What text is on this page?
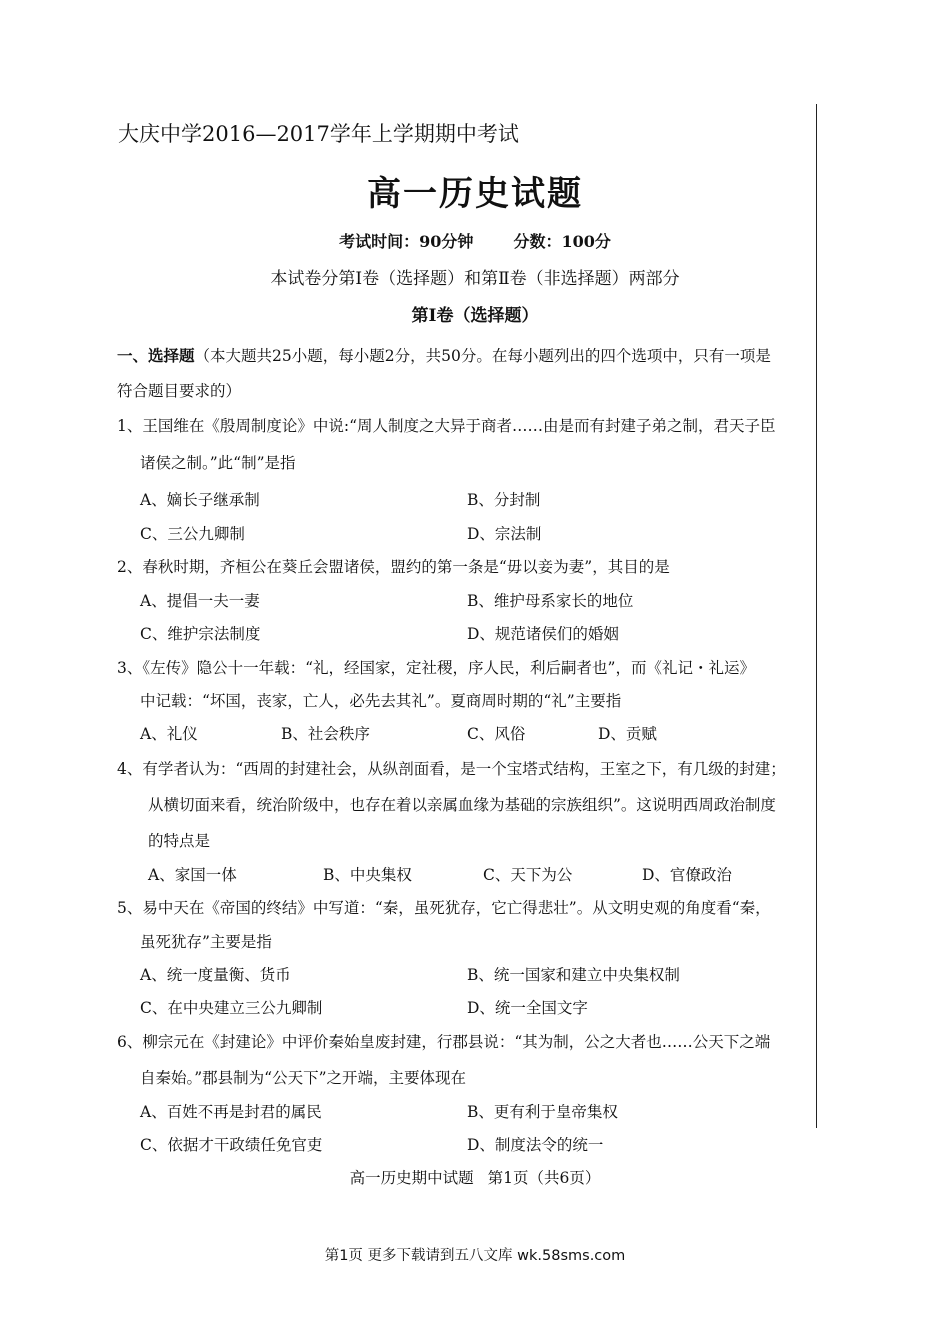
大庆中学2016—2017学年上学期期中考试
高一历史试题
考试时间：90分钟	分数：100分
本试卷分第Ⅰ卷（选择题）和第Ⅱ卷（非选择题）两部分
第Ⅰ卷（选择题）
一、选择题（本大题共25小题，每小题2分，共50分。在每小题列出的四个选项中，只有一项是
符合题目要求的）
1、王国维在《殷周制度论》中说:“周人制度之大异于商者……由是而有封建子弟之制，君天子臣
诸侯之制。”此“制”是指
A、嫡长子继承制	B、分封制
C、三公九卿制	D、宗法制
2、春秋时期，齐桓公在葵丘会盟诸侯，盟约的第一条是“毋以妾为妻”，其目的是
A、提倡一夫一妻	B、维护母系家长的地位
C、维护宗法制度	D、规范诸侯们的婚姻
3、《左传》隐公十一年载：“礼，经国家，定社稷，序人民，利后嗣者也”，而《礼记・礼运》
中记载：“坏国，丧家，亡人，必先去其礼”。夏商周时期的“礼”主要指
A、礼仪	B、社会秩序	C、风俗	D、贡赋
4、有学者认为：“西周的封建社会，从纵剖面看，是一个宝塔式结构，王室之下，有几级的封建；
从横切面来看，统治阶级中，也存在着以亲属血缘为基础的宗族组织”。这说明西周政治制度
的特点是
A、家国一体	B、中央集权	C、天下为公	D、官僚政治
5、易中天在《帝国的终结》中写道：“秦，虽死犹存，它亡得悲壮”。从文明史观的角度看“秦，
虽死犹存”主要是指
A、统一度量衡、货币	B、统一国家和建立中央集权制
C、在中央建立三公九卿制	D、统一全国文字
6、柳宗元在《封建论》中评价秦始皇废封建，行郡县说：“其为制，公之大者也……公天下之端
自秦始。”郡县制为“公天下”之开端，主要体现在
A、百姓不再是封君的属民	B、更有利于皇帝集权
C、依据才干政绩任免官吏	D、制度法令的统一
高一历史期中试题 第1页（共6页）
第1页 更多下载请到五八文库 wk.58sms.com
